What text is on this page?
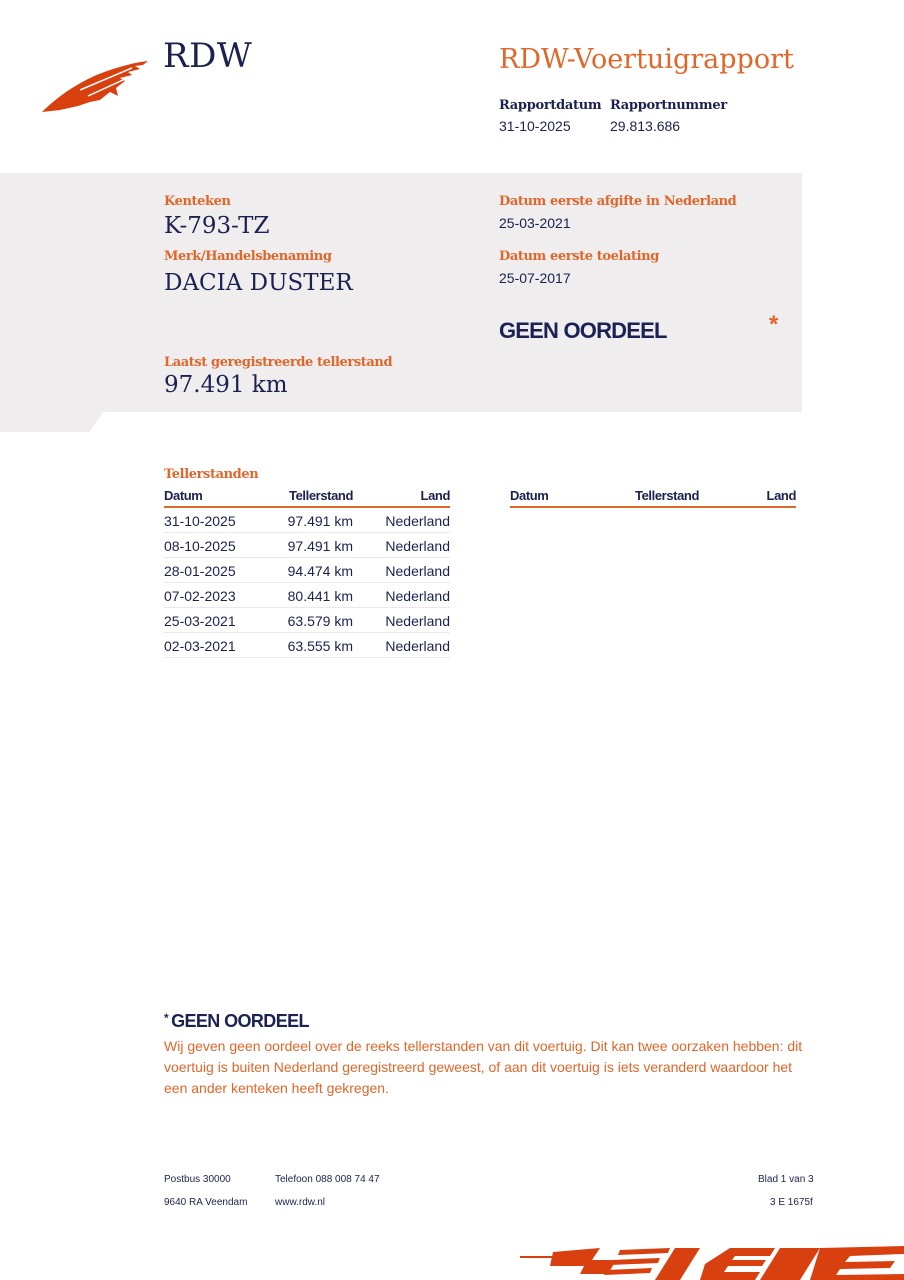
RDW	RDW-Voertuigrapport
Rapportdatum
31-10-2025
Rapportnummer
29.813.686
Kenteken
K-793-TZ
Merk/Handelsbenaming
DACIA DUSTER
Datum eerste afgifte in Nederland
25-03-2021
Datum eerste toelating
25-07-2017
GEEN OORDEEL	*
Laatst geregistreerde tellerstand
97.491 km
Tellerstanden
Datum	Tellerstand	Land
31-10-2025	97.491 km	Nederland
08-10-2025	97.491 km	Nederland
28-01-2025	94.474 km	Nederland
07-02-2023	80.441 km	Nederland
25-03-2021	63.579 km	Nederland
02-03-2021	63.555 km	Nederland
Datum	Tellerstand	Land
* GEEN OORDEEL
Wij geven geen oordeel over de reeks tellerstanden van dit voertuig. Dit kan twee oorzaken hebben: dit voertuig is buiten Nederland geregistreerd geweest, of aan dit voertuig is iets veranderd waardoor het een ander kenteken heeft gekregen.
Postbus 30000
9640 RA Veendam
Telefoon 088 008 74 47
www.rdw.nl
Blad 1 van 3
3 E 1675f
